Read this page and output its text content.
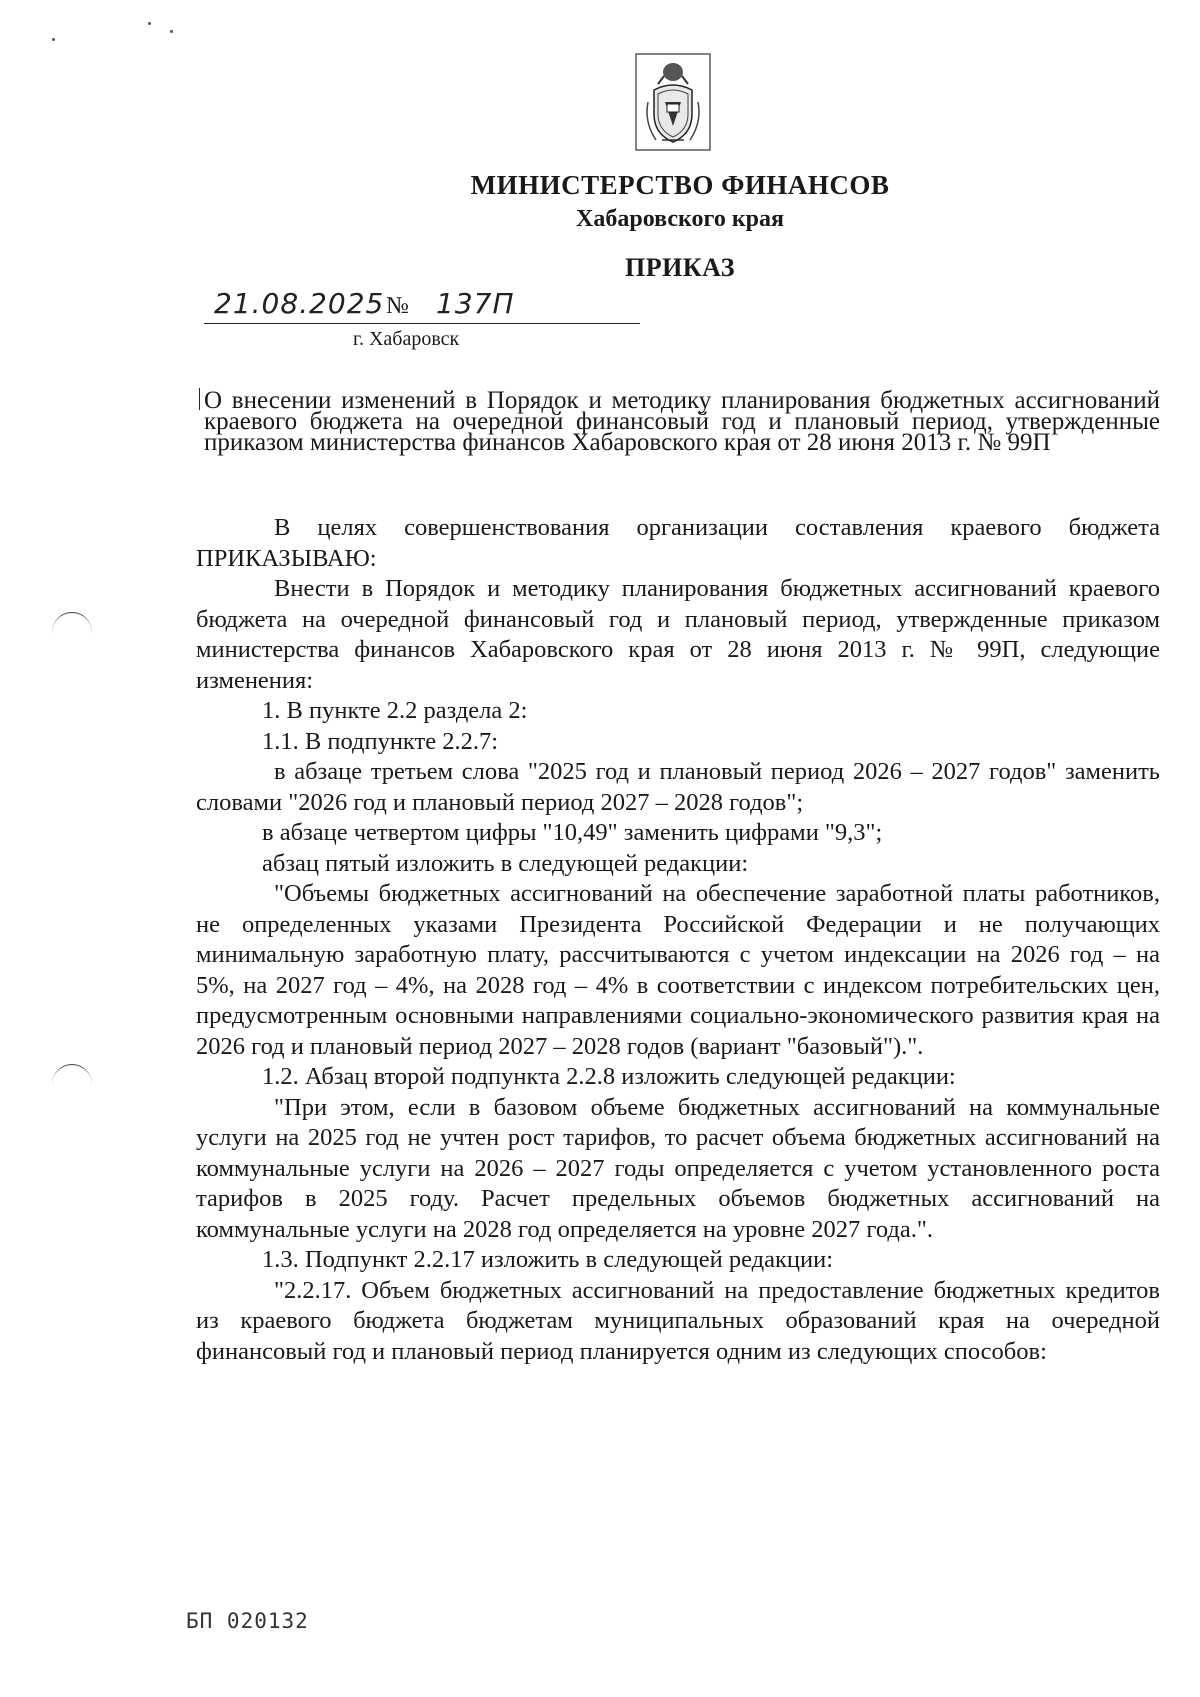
МИНИСТЕРСТВО ФИНАНСОВ

Хабаровского края

ПРИКАЗ

21.08.2025 № 137П

г. Хабаровск

О внесении изменений в Порядок и методику планирования бюджетных ассигнований краевого бюджета на очередной финансовый год и плановый период, утвержденные приказом министерства финансов Хабаровского края от 28 июня 2013 г. № 99П

В целях совершенствования организации составления краевого бюджета ПРИКАЗЫВАЮ:

Внести в Порядок и методику планирования бюджетных ассигнований краевого бюджета на очередной финансовый год и плановый период, утвержденные приказом министерства финансов Хабаровского края от 28 июня 2013 г. № 99П, следующие изменения:

1. В пункте 2.2 раздела 2:

1.1. В подпункте 2.2.7:

в абзаце третьем слова "2025 год и плановый период 2026 – 2027 годов" заменить словами "2026 год и плановый период 2027 – 2028 годов";

в абзаце четвертом цифры "10,49" заменить цифрами "9,3";

абзац пятый изложить в следующей редакции:

"Объемы бюджетных ассигнований на обеспечение заработной платы работников, не определенных указами Президента Российской Федерации и не получающих минимальную заработную плату, рассчитываются с учетом индексации на 2026 год – на 5%, на 2027 год – 4%, на 2028 год – 4% в соответствии с индексом потребительских цен, предусмотренным основными направлениями социально-экономического развития края на 2026 год и плановый период 2027 – 2028 годов (вариант "базовый").".

1.2. Абзац второй подпункта 2.2.8 изложить следующей редакции:

"При этом, если в базовом объеме бюджетных ассигнований на коммунальные услуги на 2025 год не учтен рост тарифов, то расчет объема бюджетных ассигнований на коммунальные услуги на 2026 – 2027 годы определяется с учетом установленного роста тарифов в 2025 году. Расчет предельных объемов бюджетных ассигнований на коммунальные услуги на 2028 год определяется на уровне 2027 года.".

1.3. Подпункт 2.2.17 изложить в следующей редакции:

"2.2.17. Объем бюджетных ассигнований на предоставление бюджетных кредитов из краевого бюджета бюджетам муниципальных образований края на очередной финансовый год и плановый период планируется одним из следующих способов:

БП 020132
